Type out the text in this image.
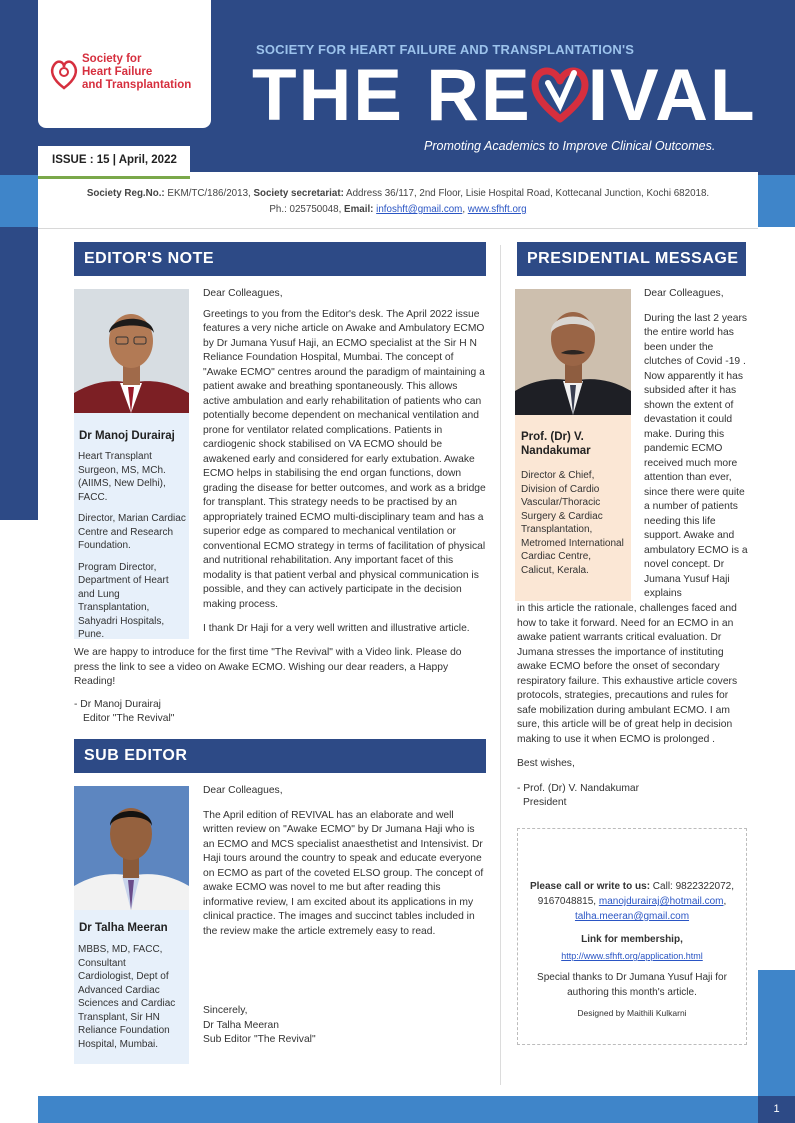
Society for
Heart Failure
and Transplantation
ISSUE : 15 | April, 2022
SOCIETY FOR HEART FAILURE AND TRANSPLANTATION'S
THE RE IVAL
Promoting Academics to Improve Clinical Outcomes.
Society Reg.No.: EKM/TC/186/2013, Society secretariat: Address 36/117, 2nd Floor, Lisie Hospital Road, Kottecanal Junction, Kochi 682018.
Ph.: 025750048, Email: infoshft@gmail.com, www.sfhft.org
EDITOR'S NOTE
Dr Manoj Durairaj
Heart Transplant Surgeon, MS, MCh. (AIIMS, New Delhi), FACC.
Director, Marian Cardiac Centre and Research Foundation.
Program Director, Department of Heart and Lung Transplantation, Sahyadri Hospitals, Pune.

Dear Colleagues,

Greetings to you from the Editor's desk. The April 2022 issue features a very niche article on Awake and Ambulatory ECMO by Dr Jumana Yusuf Haji, an ECMO specialist at the Sir H N Reliance Foundation Hospital, Mumbai. The concept of "Awake ECMO" centres around the paradigm of maintaining a patient awake and breathing spontaneously. This allows active ambulation and early rehabilitation of patients who can potentially become dependent on mechanical ventilation and prone for ventilator related complications. Patients in cardiogenic shock stabilised on VA ECMO should be awakened early and considered for early extubation. Awake ECMO helps in stabilising the end organ functions, down grading the disease for better outcomes, and work as a bridge for transplant. This strategy needs to be practised by an appropriately trained ECMO multi-disciplinary team and has a superior edge as compared to mechanical ventilation or conventional ECMO strategy in terms of facilitation of physical and nutritional rehabilitation. Any important facet of this modality is that patient verbal and physical communication is possible, and they can actively participate in the decision making process.

I thank Dr Haji for a very well written and illustrative article.

We are happy to introduce for the first time "The Revival" with a Video link. Please do press the link to see a video on Awake ECMO. Wishing our dear readers, a Happy Reading!

- Dr Manoj Durairaj
Editor "The Revival"
SUB EDITOR
Dr Talha Meeran
MBBS, MD, FACC, Consultant Cardiologist, Dept of Advanced Cardiac Sciences and Cardiac Transplant, Sir HN Reliance Foundation Hospital, Mumbai.

Dear Colleagues,

The April edition of REVIVAL has an elaborate and well written review on "Awake ECMO" by Dr Jumana Haji who is an ECMO and MCS specialist anaesthetist and Intensivist. Dr Haji tours around the country to speak and educate everyone on ECMO as part of the coveted ELSO group. The concept of awake ECMO was novel to me but after reading this informative review, I am excited about its applications in my clinical practice. The images and succinct tables included in the review make the article extremely easy to read.

Sincerely,
Dr Talha Meeran
Sub Editor "The Revival"
PRESIDENTIAL MESSAGE
Prof. (Dr) V. Nandakumar
Director & Chief, Division of Cardio Vascular/Thoracic Surgery & Cardiac Transplantation, Metromed International Cardiac Centre, Calicut, Kerala.

Dear Colleagues,

During the last 2 years the entire world has been under the clutches of Covid -19 . Now apparently it has subsided after it has shown the extent of devastation it could make. During this pandemic ECMO received much more attention than ever, since there were quite a number of patients needing this life support. Awake and ambulatory ECMO is a novel concept. Dr Jumana Yusuf Haji explains

in this article the rationale, challenges faced and how to take it forward. Need for an ECMO in an awake patient warrants critical evaluation. Dr Jumana stresses the importance of instituting awake ECMO before the onset of secondary respiratory failure. This exhaustive article covers protocols, strategies, precautions and rules for safe mobilization during ambulant ECMO. I am sure, this article will be of great help in decision making to use it when ECMO is prolonged .

Best wishes,

- Prof. (Dr) V. Nandakumar
President
Please call or write to us: Call: 9822322072, 9167048815, manojdurairaj@hotmail.com,
talha.meeran@gmail.com
Link for membership,
http://www.sfhft.org/application.html
Special thanks to Dr Jumana Yusuf Haji for authoring this month's article.
Designed by Maithili Kulkarni
1
